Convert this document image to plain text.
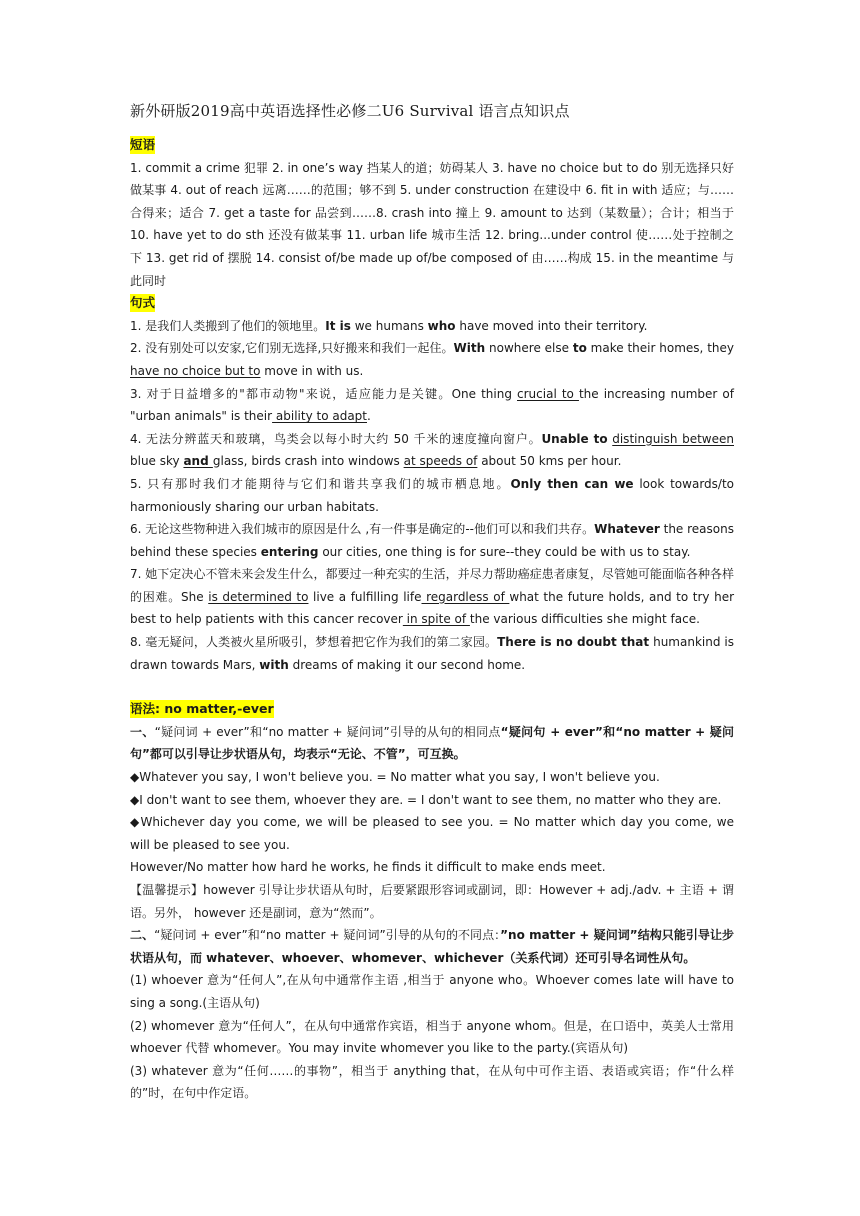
新外研版2019高中英语选择性必修二U6 Survival 语言点知识点
短语

1. commit a crime 犯罪 2. in one’s way 挡某人的道；妨碍某人 3. have no choice but to do 别无选择只好做某事 4. out of reach 远离……的范围；够不到 5. under construction 在建设中 6. fit in with 适应；与……合得来；适合 7. get a taste for 品尝到……8. crash into 撞上 9. amount to 达到（某数量）；合计；相当于 10. have yet to do sth 还没有做某事 11. urban life 城市生活 12. bring...under control 使……处于控制之下 13. get rid of 摆脱 14. consist of/be made up of/be composed of 由……构成 15. in the meantime 与此同时

句式

1. 是我们人类搬到了他们的领地里。It is we humans who have moved into their territory.

2. 没有别处可以安家,它们别无选择,只好搬来和我们一起住。With nowhere else to make their homes, they have no choice but to move in with us.

3. 对于日益增多的"都市动物"来说，适应能力是关键。One thing crucial to the increasing number of "urban animals" is their ability to adapt.

4. 无法分辨蓝天和玻璃，鸟类会以每小时大约 50 千米的速度撞向窗户。Unable to distinguish between blue sky and glass, birds crash into windows at speeds of about 50 kms per hour.

5. 只有那时我们才能期待与它们和谐共享我们的城市栖息地。Only then can we look towards/to harmoniously sharing our urban habitats.

6. 无论这些物种进入我们城市的原因是什么 ,有一件事是确定的--他们可以和我们共存。Whatever the reasons behind these species entering our cities, one thing is for sure--they could be with us to stay.

7. 她下定决心不管未来会发生什么，都要过一种充实的生活，并尽力帮助癌症患者康复，尽管她可能面临各种各样的困难。She is determined to live a fulfilling life regardless of what the future holds, and to try her best to help patients with this cancer recover in spite of the various difficulties she might face.

8. 毫无疑问，人类被火星所吸引，梦想着把它作为我们的第二家园。There is no doubt that humankind is drawn towards Mars, with dreams of making it our second home.

语法: no matter,-ever

一、“疑问词 + ever”和“no matter + 疑问词”引导的从句的相同点“疑问句 + ever”和“no matter + 疑问句”都可以引导让步状语从句，均表示“无论、不管”，可互换。

◆Whatever you say, I won't believe you. = No matter what you say, I won't believe you.

◆I don't want to see them, whoever they are. = I don't want to see them, no matter who they are.

◆Whichever day you come, we will be pleased to see you. = No matter which day you come, we will be pleased to see you.

However/No matter how hard he works, he finds it difficult to make ends meet.

【温馨提示】however 引导让步状语从句时，后要紧跟形容词或副词，即：However + adj./adv. + 主语 + 谓语。另外， however 还是副词，意为“然而”。

二、“疑问词 + ever”和“no matter + 疑问词”引导的从句的不同点：”no matter + 疑问词”结构只能引导让步状语从句，而 whatever、whoever、whomever、whichever（关系代词）还可引导名词性从句。

(1) whoever 意为“任何人”,在从句中通常作主语 ,相当于 anyone who。Whoever comes late will have to sing a song.(主语从句)

(2) whomever 意为“任何人”，在从句中通常作宾语，相当于 anyone whom。但是，在口语中，英美人士常用 whoever 代替 whomever。You may invite whomever you like to the party.(宾语从句)

(3) whatever 意为“任何……的事物”，相当于 anything that，在从句中可作主语、表语或宾语；作“什么样的”时，在句中作定语。
